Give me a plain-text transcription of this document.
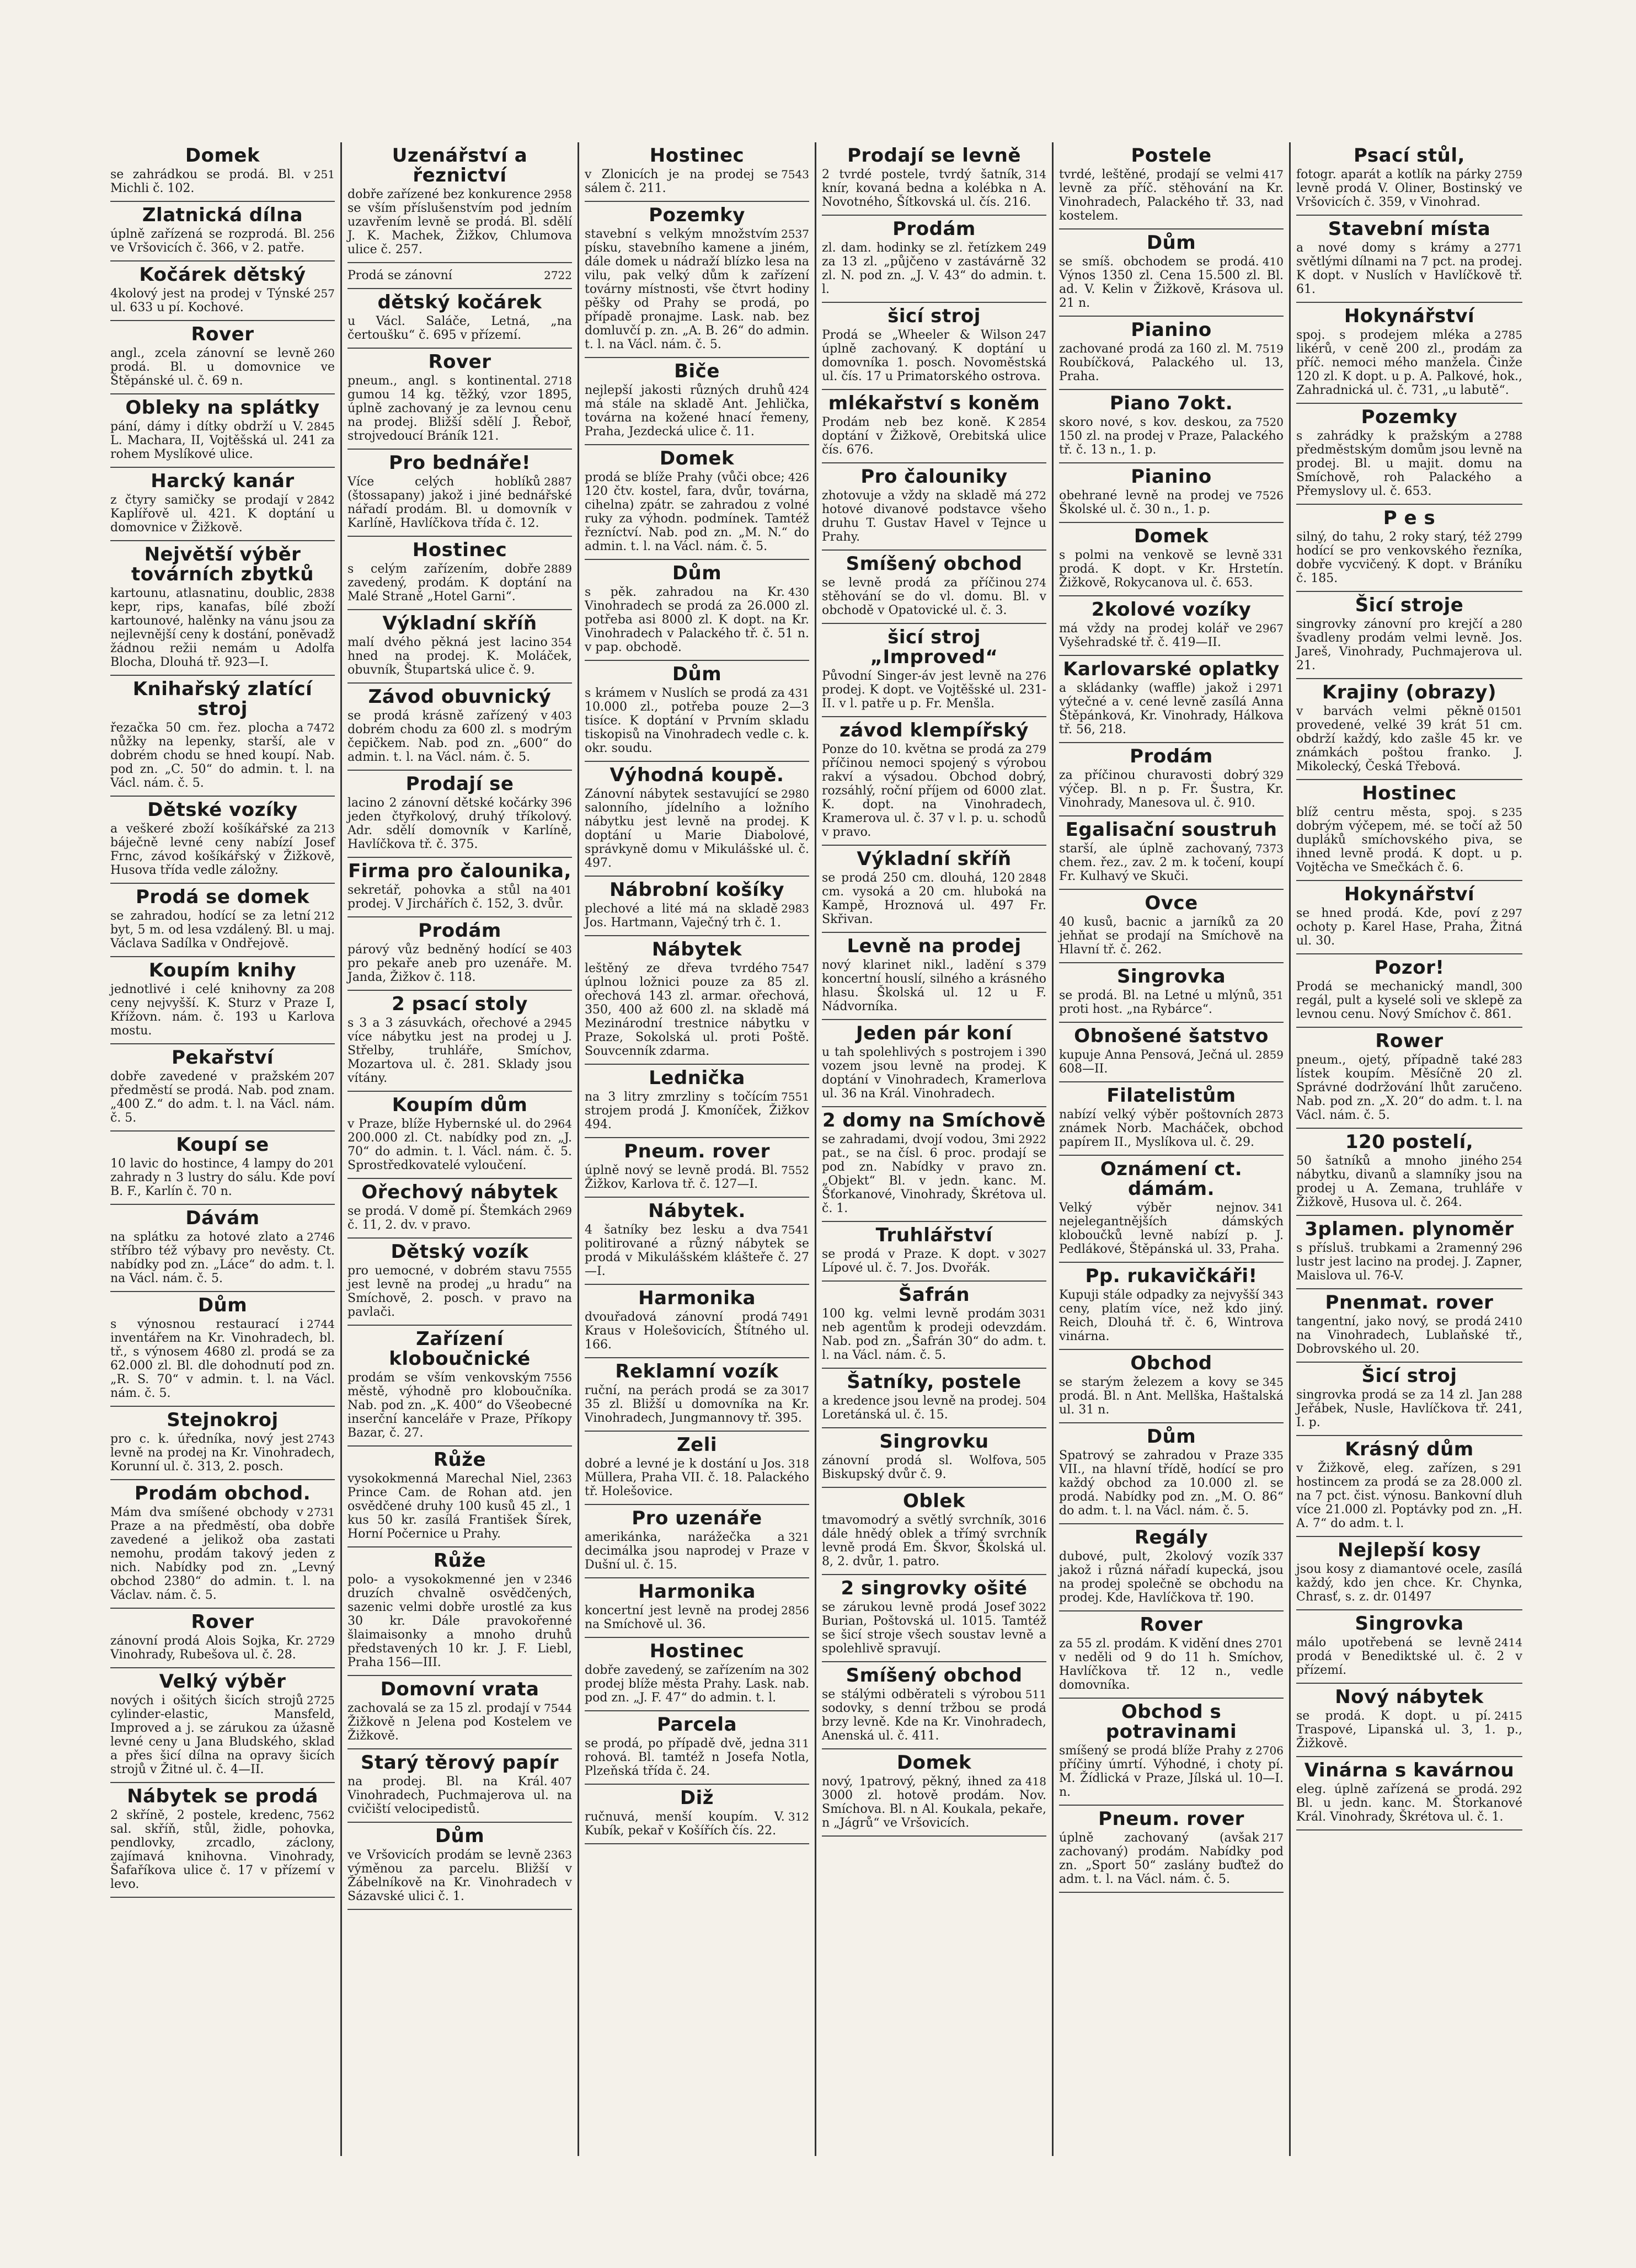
Domek

251
se zahrádkou se prodá. Bl. v Michli č. 102.

Zlatnická dílna

256
úplně zařízená se rozprodá. Bl. ve Vršovicích č. 366, v 2. patře.

Kočárek dětský

257
4kolový jest na prodej v Týnské ul. 633 u pí. Kochové.

Rover

260
angl., zcela zánovní se levně prodá. Bl. u domovnice ve Štěpánské ul. č. 69 n.

Obleky na splátky

2845
pání, dámy i dítky obdrží u V. L. Machara, II, Vojtěšská ul. 241 za rohem Myslíkové ulice.

Harcký kanár

2842
z čtyry samičky se prodají v Kaplířově ul. 421. K doptání u domovnice v Žižkově.

Největší výběr továrních zbytků

2838
kartounu, atlasnatinu, doublic, kepr, rips, kanafas, bílé zboží kartounové, halěnky na vánu jsou za nejlevnější ceny k dostání, poněvadž žádnou režii nemám u Adolfa Blocha, Dlouhá tř. 923—I.

Knihařský zlatící stroj

7472
řezačka 50 cm. řez. plocha a nůžky na lepenky, starší, ale v dobrém chodu se hned koupí. Nab. pod zn. „C. 50“ do admin. t. l. na Václ. nám. č. 5.

Dětské vozíky

213
a veškeré zboží košíkářské za báječně levné ceny nabízí Josef Frnc, závod košíkářský v Žižkově, Husova třída vedle záložny.

Prodá se domek

212
se zahradou, hodící se za letní byt, 5 m. od lesa vzdálený. Bl. u maj. Václava Sadílka v Ondřejově.

Koupím knihy

208
jednotlivé i celé knihovny za ceny nejvyšší. K. Sturz v Praze I, Křížovn. nám. č. 193 u Karlova mostu.

Pekařství

207
dobře zavedené v pražském předměstí se prodá. Nab. pod znam. „400 Z.“ do adm. t. l. na Václ. nám. č. 5.

Koupí se

201
10 lavic do hostince, 4 lampy do zahrady n 3 lustry do sálu. Kde poví B. F., Karlín č. 70 n.

Dávám

2746
na splátku za hotové zlato a stříbro též výbavy pro nevěsty. Ct. nabídky pod zn. „Láce“ do adm. t. l. na Václ. nám. č. 5.

Dům

2744
s výnosnou restaurací i inventářem na Kr. Vinohradech, bl. tř., s výnosem 4680 zl. prodá se za 62.000 zl. Bl. dle dohodnutí pod zn. „R. S. 70“ v admin. t. l. na Václ. nám. č. 5.

Stejnokroj

2743
pro c. k. úředníka, nový jest levně na prodej na Kr. Vinohradech, Korunní ul. č. 313, 2. posch.

Prodám obchod.

2731
Mám dva smíšené obchody v Praze a na předměstí, oba dobře zavedené a jelikož oba zastati nemohu, prodám takový jeden z nich. Nabídky pod zn. „Levný obchod 2380“ do admin. t. l. na Václav. nám. č. 5.

Rover

2729
zánovní prodá Alois Sojka, Kr. Vinohrady, Rubešova ul. č. 28.

Velký výběr

2725
nových i ošitých šicích strojů cylinder-elastic, Mansfeld, Improved a j. se zárukou za úžasně levné ceny u Jana Bludského, sklad a přes šicí dílna na opravy šicích strojů v Žitné ul. č. 4—II.

Nábytek se prodá

7562
2 skříně, 2 postele, kredenc, sal. skříň, stůl, židle, pohovka, pendlovky, zrcadlo, záclony, zajímavá knihovna. Vinohrady, Šafaříkova ulice č. 17 v přízemí v levo.

Uzenářství a řeznictví

2958
dobře zařízené bez konkurence se vším příslušenstvím pod jedním uzavřením levně se prodá. Bl. sdělí J. K. Machek, Žižkov, Chlumova ulice č. 257.

2722
Prodá se zánovní

dětský kočárek

u Václ. Saláče, Letná, „na čertoušku“ č. 695 v přízemí.

Rover

2718
pneum., angl. s kontinental. gumou 14 kg. těžký, vzor 1895, úplně zachovaný je za levnou cenu na prodej. Bližší sdělí J. Řeboř, strojvedoucí Bráník 121.

Pro bednáře!

2887
Více celých hoblíků (štossapany) jakož i jiné bednářské nářadí prodám. Bl. u domovník v Karlíně, Havlíčkova třída č. 12.

Hostinec

2889
s celým zařízením, dobře zavedený, prodám. K doptání na Malé Straně „Hotel Garni“.

Výkladní skříň

354
malí dvého pěkná jest lacino hned na prodej. K. Moláček, obuvník, Štupartská ulice č. 9.

Závod obuvnický

403
se prodá krásně zařízený v dobrém chodu za 600 zl. s modrým čepičkem. Nab. pod zn. „600“ do admin. t. l. na Václ. nám. č. 5.

Prodají se

396
lacino 2 zánovní dětské kočárky jeden čtyřkolový, druhý tříkolový. Adr. sdělí domovník v Karlíně, Havlíčkova tř. č. 375.

Firma pro čalounika,

401
sekretář, pohovka a stůl na prodej. V Jirchářích č. 152, 3. dvůr.

Prodám

403
párový vůz bedněný hodící se pro pekaře aneb pro uzenáře. M. Janda, Žižkov č. 118.

2 psací stoly

2945
s 3 a 3 zásuvkách, ořechové a více nábytku jest na prodej u J. Střelby, truhláře, Smíchov, Mozartova ul. č. 281. Sklady jsou vítány.

Koupím dům

2964
v Praze, blíže Hybernské ul. do 200.000 zl. Ct. nabídky pod zn. „J. 70“ do admin. t. l. Václ. nám. č. 5. Sprostředkovatelé vyloučení.

Ořechový nábytek

2969
se prodá. V domě pí. Štemkách č. 11, 2. dv. v pravo.

Dětský vozík

7555
pro uemocné, v dobrém stavu jest levně na prodej „u hradu“ na Smíchově, 2. posch. v pravo na pavlači.

Zařízení kloboučnické

7556
prodám se vším venkovským městě, výhodně pro kloboučníka. Nab. pod zn. „K. 400“ do Všeobecné inserční kanceláře v Praze, Příkopy Bazar, č. 27.

Růže

2363
vysokokmenná Marechal Niel, Prince Cam. de Rohan atd. jen osvědčené druhy 100 kusů 45 zl., 1 kus 50 kr. zasílá František Šírek, Horní Počernice u Prahy.

Růže

2346
polo- a vysokokmenné jen v druzích chvalně osvědčených, sazenic velmi dobře urostlé za kus 30 kr. Dále pravokořenné šlaimaisonky a mnoho druhů představených 10 kr. J. F. Liebl, Praha 156—III.

Domovní vrata

7544
zachovalá se za 15 zl. prodají v Žižkově n Jelena pod Kostelem ve Žižkově.

Starý těrový papír

407
na prodej. Bl. na Král. Vinohradech, Puchmajerova ul. na cvičiští velocipedistů.

Dům

2363
ve Vršovicích prodám se levně výměnou za parcelu. Bližší v Žábelníkově na Kr. Vinohradech v Sázavské ulici č. 1.

Hostinec

7543
v Zlonicích je na prodej se sálem č. 211.

Pozemky

2537
stavební s velkým množstvím písku, stavebního kamene a jiném, dále domek u nádraží blízko lesa na vilu, pak velký dům k zařízení továrny místnosti, vše čtvrt hodiny pěšky od Prahy se prodá, po případě pronajme. Lask. nab. bez domluvčí p. zn. „A. B. 26“ do admin. t. l. na Václ. nám. č. 5.

Biče

424
nejlepší jakosti různých druhů má stále na skladě Ant. Jehlička, továrna na kožené hnací řemeny, Praha, Jezdecká ulice č. 11.

Domek

426
prodá se blíže Prahy (vůči obce; 120 čtv. kostel, fara, dvůr, továrna, cihelna) zpátr. se zahradou z volné ruky za výhodn. podmínek. Tamtéž řezníctví. Nab. pod zn. „M. N.“ do admin. t. l. na Václ. nám. č. 5.

Dům

430
s pěk. zahradou na Kr. Vinohradech se prodá za 26.000 zl. potřeba asi 8000 zl. K dopt. na Kr. Vinohradech v Palackého tř. č. 51 n. v pap. obchodě.

Dům

431
s krámem v Nuslích se prodá za 10.000 zl., potřeba pouze 2—3 tisíce. K doptání v Prvním skladu tiskopisů na Vinohradech vedle c. k. okr. soudu.

Výhodná koupě.

2980
Zánovní nábytek sestavující se salonního, jídelního a ložního nábytku jest levně na prodej. K doptání u Marie Diabolové, správkyně domu v Mikulášské ul. č. 497.

Nábrobní košíky

2983
plechové a lité má na skladě Jos. Hartmann, Vaječný trh č. 1.

Nábytek

7547
leštěný ze dřeva tvrdého úplnou ložnici pouze za 85 zl. ořechová 143 zl. armar. ořechová, 350, 400 až 600 zl. na skladě má Mezinárodní trestnice nábytku v Praze, Sokolská ul. proti Poště. Souvcenník zdarma.

Lednička

7551
na 3 litry zmrzliny s točícím strojem prodá J. Kmoníček, Žižkov 494.

Pneum. rover

7552
úplně nový se levně prodá. Bl. Žižkov, Karlova tř. č. 127—I.

Nábytek.

7541
4 šatníky bez lesku a dva politirované a různý nábytek se prodá v Mikulášském klášteře č. 27—I.

Harmonika

7491
dvouřadová zánovní prodá Kraus v Holešovicích, Štítného ul. 166.

Reklamní vozík

3017
ruční, na perách prodá se za 35 zl. Bližší u domovníka na Kr. Vinohradech, Jungmannovy tř. 395.

Zeli

318
dobré a levné je k dostání u Jos. Müllera, Praha VII. č. 18. Palackého tř. Holešovice.

Pro uzenáře

321
amerikánka, narážečka a decimálka jsou naprodej v Praze v Dušní ul. č. 15.

Harmonika

2856
koncertní jest levně na prodej na Smíchově ul. 36.

Hostinec

302
dobře zavedený, se zařízením na prodej blíže města Prahy. Lask. nab. pod zn. „J. F. 47“ do admin. t. l.

Parcela

311
se prodá, po případě dvě, jedna rohová. Bl. tamtéž n Josefa Notla, Plzeňská třída č. 24.

Diž

312
ručnuvá, menší koupím. V. Kubík, pekař v Košířích čís. 22.

Prodají se levně

314
2 tvrdé postele, tvrdý šatník, knír, kovaná bedna a kolébka n A. Novotného, Šítkovská ul. čís. 216.

Prodám

249
zl. dam. hodinky se zl. řetízkem za 13 zl. „půjčeno v zastávárně 32 zl. N. pod zn. „J. V. 43“ do admin. t. l.

šicí stroj

247
Prodá se „Wheeler & Wilson úplně zachovaný. K doptání u domovníka 1. posch. Novoměstská ul. čís. 17 u Primatorského ostrova.

mlékařství s koněm

2854
Prodám neb bez koně. K doptání v Žižkově, Orebitská ulice čís. 676.

Pro čalouniky

272
zhotovuje a vždy na skladě má hotové divanové podstavce všeho druhu T. Gustav Havel v Tejnce u Prahy.

Smíšený obchod

274
se levně prodá za příčinou stěhování se do vl. domu. Bl. v obchodě v Opatovické ul. č. 3.

šicí stroj „Improved“

276
Původní Singer-áv jest levně na prodej. K dopt. ve Vojtěšské ul. 231-II. v l. patře u p. Fr. Menšla.

závod klempířský

279
Ponze do 10. května se prodá za příčinou nemoci spojený s výrobou rakví a výsadou. Obchod dobrý, rozsáhlý, roční příjem od 6000 zlat. K. dopt. na Vinohradech, Kramerova ul. č. 37 v l. p. u. schodů v pravo.

Výkladní skříň

2848
se prodá 250 cm. dlouhá, 120 cm. vysoká a 20 cm. hluboká na Kampě, Hroznová ul. 497 Fr. Skřivan.

Levně na prodej

379
nový klarinet nikl., ladění s koncertní houslí, silného a krásného hlasu. Školská ul. 12 u F. Nádvorníka.

Jeden pár koní

390
u tah spolehlivých s postrojem i vozem jsou levně na prodej. K doptání v Vinohradech, Kramerlova ul. 36 na Král. Vinohradech.

2 domy na Smíchově

2922
se zahradami, dvojí vodou, 3mi pat., se na čísl. 6 proc. prodají se pod zn. Nabídky v pravo zn. „Objekt“ Bl. v jedn. kanc. M. Šťorkanové, Vinohrady, Škrétova ul. č. 1.

Truhlářství

3027
se prodá v Praze. K dopt. v Lípové ul. č. 7. Jos. Dvořák.

Šafrán

3031
100 kg. velmi levně prodám neb agentům k prodeji odevzdám. Nab. pod zn. „Šafrán 30“ do adm. t. l. na Václ. nám. č. 5.

Šatníky, postele

504
a kredence jsou levně na prodej. Loretánská ul. č. 15.

Singrovku

505
zánovní prodá sl. Wolfova, Biskupský dvůr č. 9.

Oblek

3016
tmavomodrý a světlý svrchník, dále hnědý oblek a třímý svrchník levně prodá Em. Škvor, Školská ul. 8, 2. dvůr, 1. patro.

2 singrovky ošité

3022
se zárukou levně prodá Josef Burian, Poštovská ul. 1015. Tamtéž se šicí stroje všech soustav levně a spolehlivě spravují.

Smíšený obchod

511
se stálými odběrateli s výrobou sodovky, s denní tržbou se prodá brzy levně. Kde na Kr. Vinohradech, Anenská ul. č. 411.

Domek

418
nový, 1patrový, pěkný, ihned za 3000 zl. hotově prodám. Nov. Smíchova. Bl. n Al. Koukala, pekaře, n „Jágrů“ ve Vršovicích.

Postele

417
tvrdé, leštěné, prodají se velmi levně za příč. stěhování na Kr. Vinohradech, Palackého tř. 33, nad kostelem.

Dům

410
se smíš. obchodem se prodá. Výnos 1350 zl. Cena 15.500 zl. Bl. ad. V. Kelin v Žižkově, Krásova ul. 21 n.

Pianino

7519
zachované prodá za 160 zl. M. Roubíčková, Palackého ul. 13, Praha.

Piano 7okt.

7520
skoro nové, s kov. deskou, za 150 zl. na prodej v Praze, Palackého tř. č. 13 n., 1. p.

Pianino

7526
obehrané levně na prodej ve Školské ul. č. 30 n., 1. p.

Domek

331
s polmi na venkově se levně prodá. K dopt. v Kr. Hrstetín. Žižkově, Rokycanova ul. č. 653.

2kolové vozíky

2967
má vždy na prodej kolář ve Vyšehradské tř. č. 419—II.

Karlovarské oplatky

2971
a skládanky (waffle) jakož i výtečné a v. cené levně zasílá Anna Štěpánková, Kr. Vinohrady, Hálkova tř. 56, 218.

Prodám

329
za příčinou churavosti dobrý výčep. Bl. n p. Fr. Šustra, Kr. Vinohrady, Manesova ul. č. 910.

Egalisační soustruh

7373
starší, ale úplně zachovaný, chem. řez., zav. 2 m. k točení, koupí Fr. Kulhavý ve Skuči.

Ovce

40 kusů, bacnic a jarníků za 20 jehňat se prodají na Smíchově na Hlavní tř. č. 262.

Singrovka

351
se prodá. Bl. na Letné u mlýnů, proti host. „na Rybárce“.

Obnošené šatstvo

2859
kupuje Anna Pensová, Ječná ul. 608—II.

Filatelistům

2873
nabízí velký výběr poštovních známek Norb. Macháček, obchod papírem II., Myslíkova ul. č. 29.

Oznámení ct. dámám.

341
Velký výběr nejnov. nejelegantnějších dámských kloboučků levně nabízí p. J. Pedlákové, Štěpánská ul. 33, Praha.

Pp. rukavičkáři!

343
Kupuji stále odpadky za nejvyšší ceny, platím více, než kdo jiný. Reich, Dlouhá tř. č. 6, Wintrova vinárna.

Obchod

345
se starým železem a kovy se prodá. Bl. n Ant. Mellška, Haštalská ul. 31 n.

Dům

335
Spatrový se zahradou v Praze VII., na hlavní třídě, hodící se pro každý obchod za 10.000 zl. se prodá. Nabídky pod zn. „M. O. 86“ do adm. t. l. na Václ. nám. č. 5.

Regály

337
dubové, pult, 2kolový vozík jakož i různá nářadí kupecká, jsou na prodej společně se obchodu na prodej. Kde, Havlíčkova tř. 190.

Rover

2701
za 55 zl. prodám. K vidění dnes v neděli od 9 do 11 h. Smíchov, Havlíčkova tř. 12 n., vedle domovníka.

Obchod s potravinami

2706
smíšený se prodá blíže Prahy z příčiny úmrtí. Výhodné, i choty pí. M. Žídlická v Praze, Jílská ul. 10—I. n.

Pneum. rover

217
úplně zachovaný (avšak zachovaný) prodám. Nabídky pod zn. „Sport 50“ zaslány buďtež do adm. t. l. na Václ. nám. č. 5.

Psací stůl,

2759
fotogr. aparát a kotlík na párky levně prodá V. Oliner, Bostinský ve Vršovicích č. 359, v Vinohrad.

Stavební místa

2771
a nové domy s krámy a světlými dílnami na 7 pct. na prodej. K dopt. v Nuslích v Havlíčkově tř. 61.

Hokynářství

2785
spoj. s prodejem mléka a likérů, v ceně 200 zl., prodám za příč. nemoci mého manžela. Činže 120 zl. K dopt. u p. A. Palkové, hok., Zahradnická ul. č. 731, „u labutě“.

Pozemky

2788
s zahrádky k pražským a předměstským domům jsou levně na prodej. Bl. u majit. domu na Smíchově, roh Palackého a Přemyslovy ul. č. 653.

P e s

2799
silný, do tahu, 2 roky starý, též hodící se pro venkovského řezníka, dobře vycvičený. K dopt. v Bráníku č. 185.

Šicí stroje

280
singrovky zánovní pro krejčí a švadleny prodám velmi levně. Jos. Jareš, Vinohrady, Puchmajerova ul. 21.

Krajiny (obrazy)

01501
v barvách velmi pěkně provedené, velké 39 krát 51 cm. obdrží každý, kdo zašle 45 kr. ve známkách poštou franko. J. Mikolecký, Česká Třebová.

Hostinec

235
blíž centru města, spoj. s dobrým výčepem, mé. se točí až 50 dupláků smíchovského piva, se ihned levně prodá. K dopt. u p. Vojtěcha ve Smečkách č. 6.

Hokynářství

297
se hned prodá. Kde, poví z ochoty p. Karel Hase, Praha, Žitná ul. 30.

Pozor!

300
Prodá se mechanický mandl, regál, pult a kyselé soli ve sklepě za levnou cenu. Nový Smíchov č. 861.

Rower

283
pneum., ojetý, případně také lístek koupím. Měsíčně 20 zl. Správné dodržování lhůt zaručeno. Nab. pod zn. „X. 20“ do adm. t. l. na Václ. nám. č. 5.

120 postelí,

254
50 šatníků a mnoho jiného nábytku, divanů a slamníky jsou na prodej u A. Zemana, truhláře v Žižkově, Husova ul. č. 264.

3plamen. plynoměr

296
s přísluš. trubkami a 2ramenný lustr jest lacino na prodej. J. Zapner, Maislova ul. 76-V.

Pnenmat. rover

2410
tangentní, jako nový, se prodá na Vinohradech, Lublaňské tř., Dobrovského ul. 20.

Šicí stroj

288
singrovka prodá se za 14 zl. Jan Jeřábek, Nusle, Havlíčkova tř. 241, I. p.

Krásný dům

291
v Žižkově, eleg. zařízen, s hostincem za prodá se za 28.000 zl. na 7 pct. čist. výnosu. Bankovní dluh více 21.000 zl. Poptávky pod zn. „H. A. 7“ do adm. t. l.

Nejlepší kosy

jsou kosy z diamantové ocele, zasílá každý, kdo jen chce. Kr. Chynka, Chrasť, s. z. dr. 01497

Singrovka

2414
málo upotřebená se levně prodá v Benediktské ul. č. 2 v přízemí.

Nový nábytek

2415
se prodá. K dopt. u pí. Traspové, Lipanská ul. 3, 1. p., Žižkově.

Vinárna s kavárnou

292
eleg. úplně zařízená se prodá. Bl. u jedn. kanc. M. Štorkanové Král. Vinohrady, Škrétova ul. č. 1.
